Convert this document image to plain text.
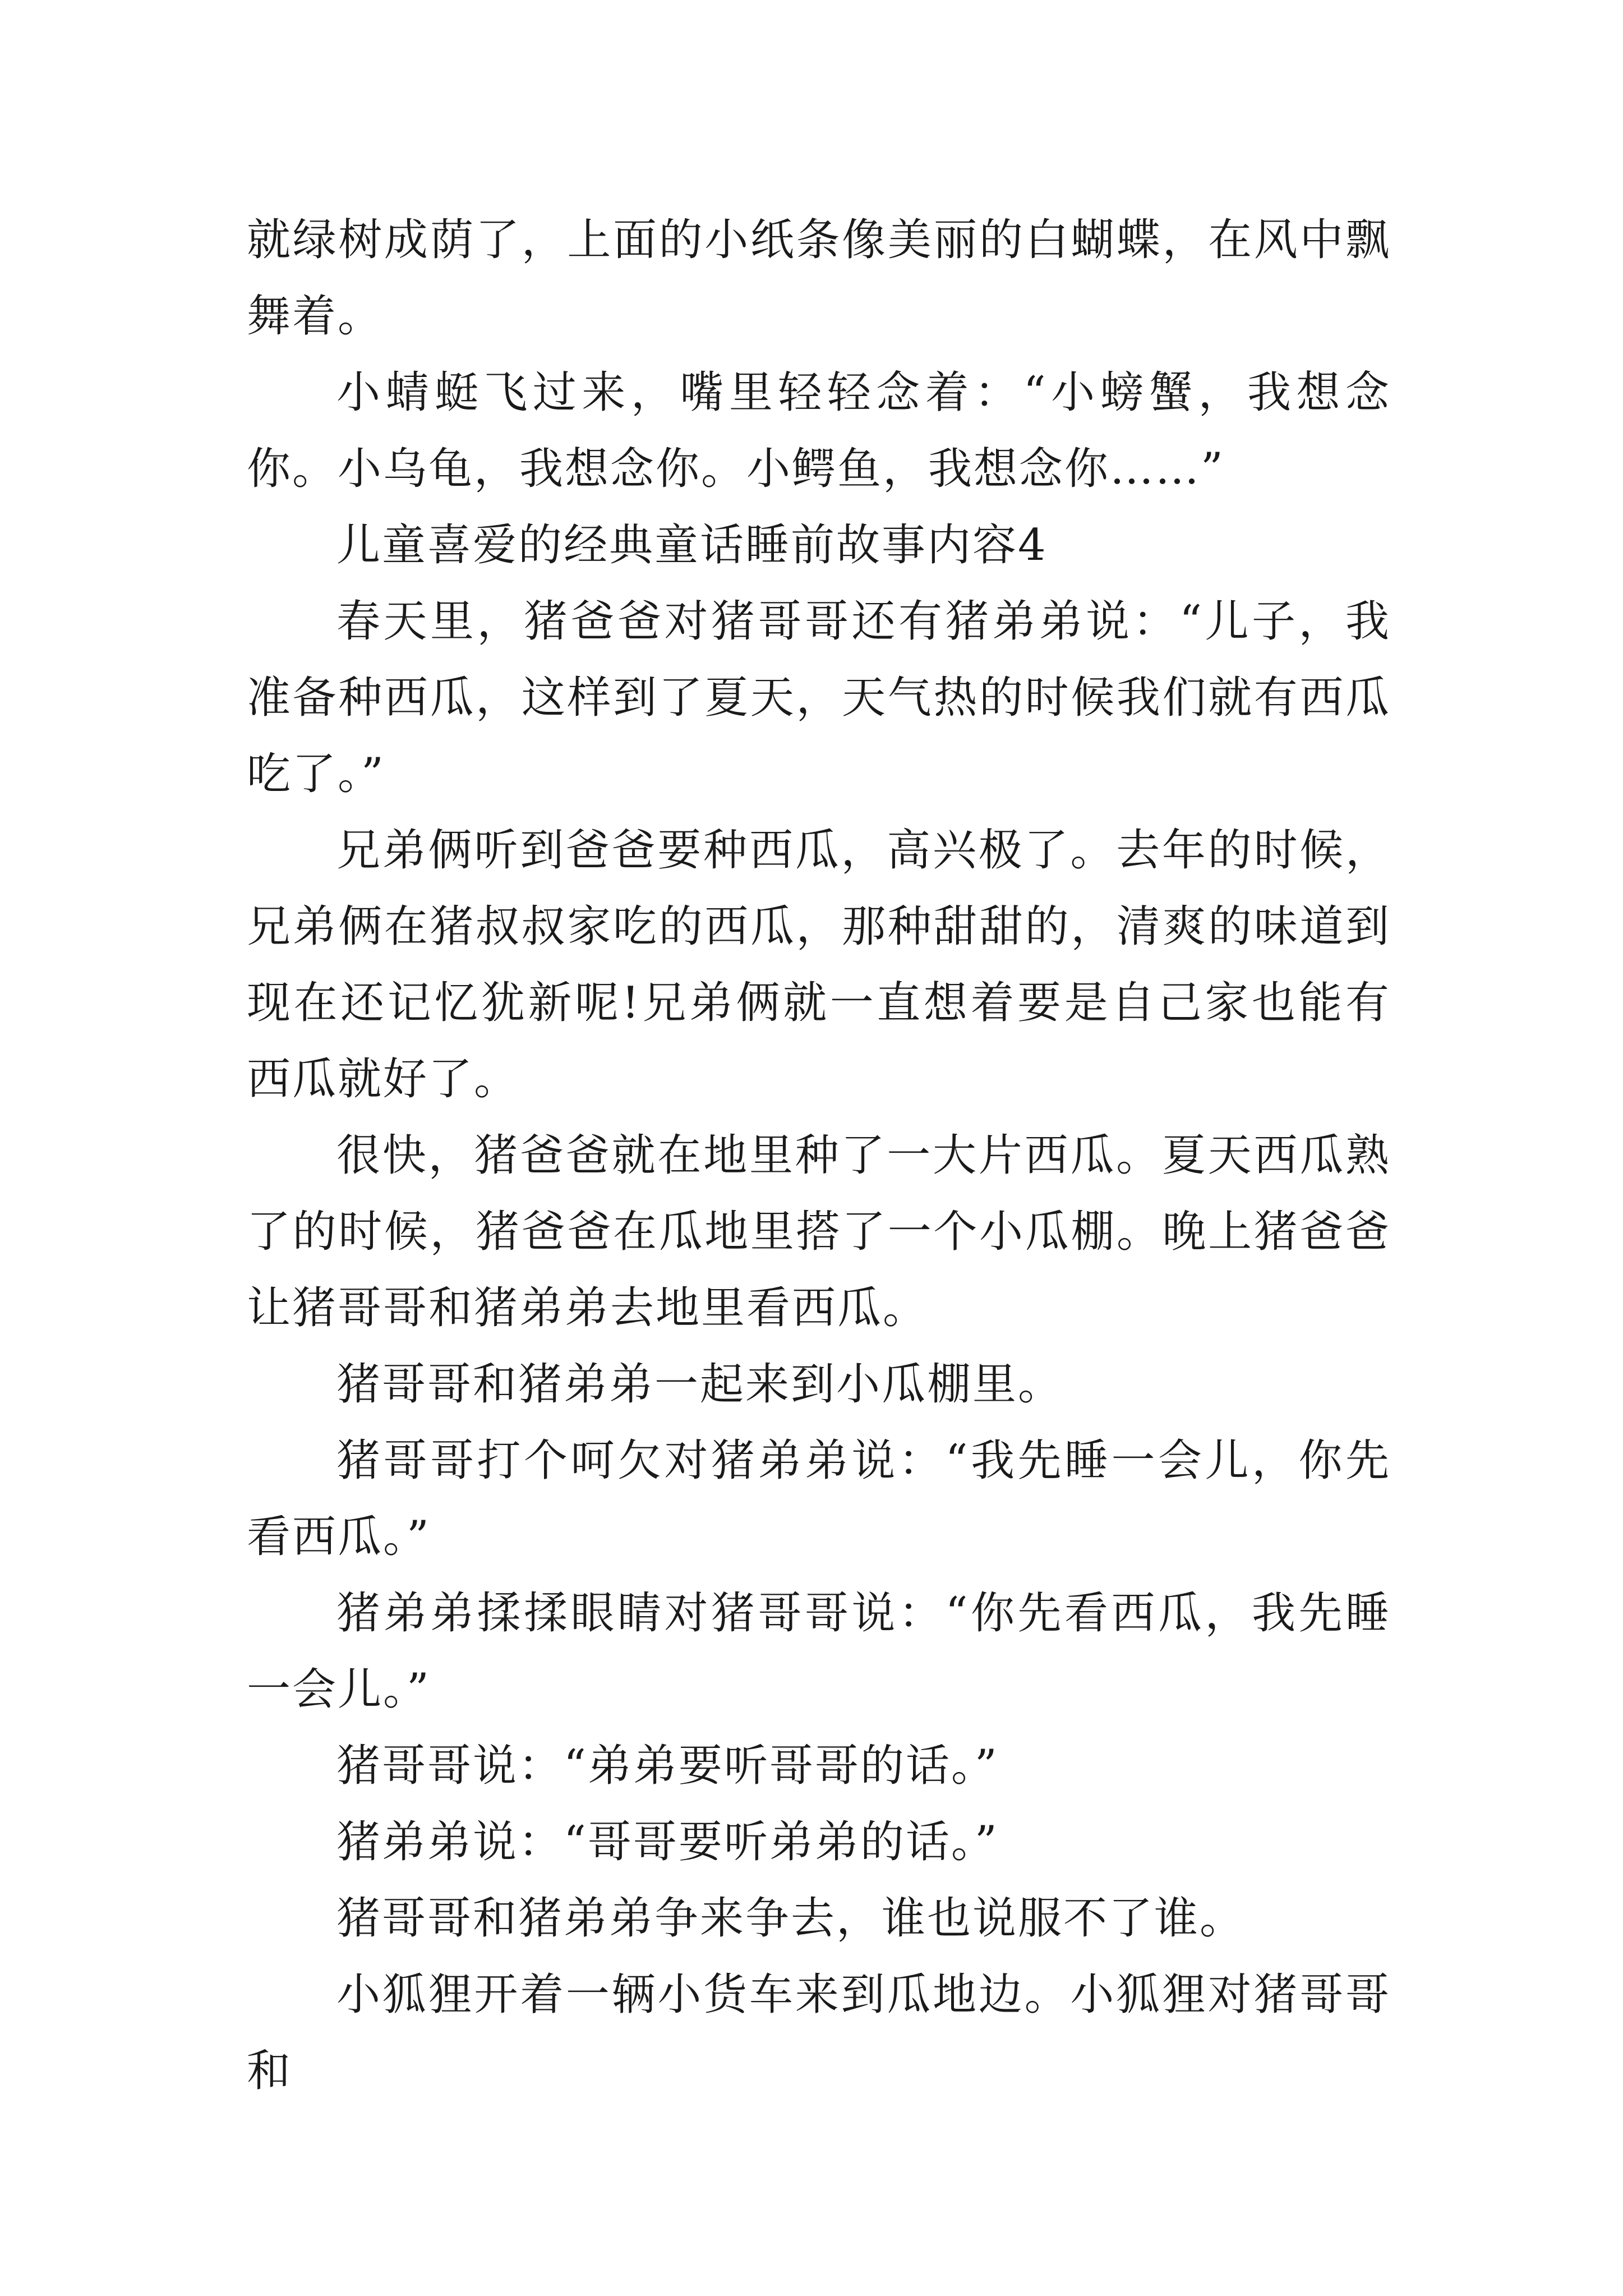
就绿树成荫了，上面的小纸条像美丽的白蝴蝶，在风中飘舞着。

小蜻蜓飞过来，嘴里轻轻念着：“小螃蟹，我想念你。小乌龟，我想念你。小鳄鱼，我想念你……”

儿童喜爱的经典童话睡前故事内容4

春天里，猪爸爸对猪哥哥还有猪弟弟说：“儿子，我准备种西瓜，这样到了夏天，天气热的时候我们就有西瓜吃了。”

兄弟俩听到爸爸要种西瓜，高兴极了。去年的时候，兄弟俩在猪叔叔家吃的西瓜，那种甜甜的，清爽的味道到现在还记忆犹新呢!兄弟俩就一直想着要是自己家也能有西瓜就好了。

很快，猪爸爸就在地里种了一大片西瓜。夏天西瓜熟了的时候，猪爸爸在瓜地里搭了一个小瓜棚。晚上猪爸爸让猪哥哥和猪弟弟去地里看西瓜。

猪哥哥和猪弟弟一起来到小瓜棚里。

猪哥哥打个呵欠对猪弟弟说：“我先睡一会儿，你先看西瓜。”

猪弟弟揉揉眼睛对猪哥哥说：“你先看西瓜，我先睡一会儿。”

猪哥哥说：“弟弟要听哥哥的话。”

猪弟弟说：“哥哥要听弟弟的话。”

猪哥哥和猪弟弟争来争去，谁也说服不了谁。

小狐狸开着一辆小货车来到瓜地边。小狐狸对猪哥哥和
